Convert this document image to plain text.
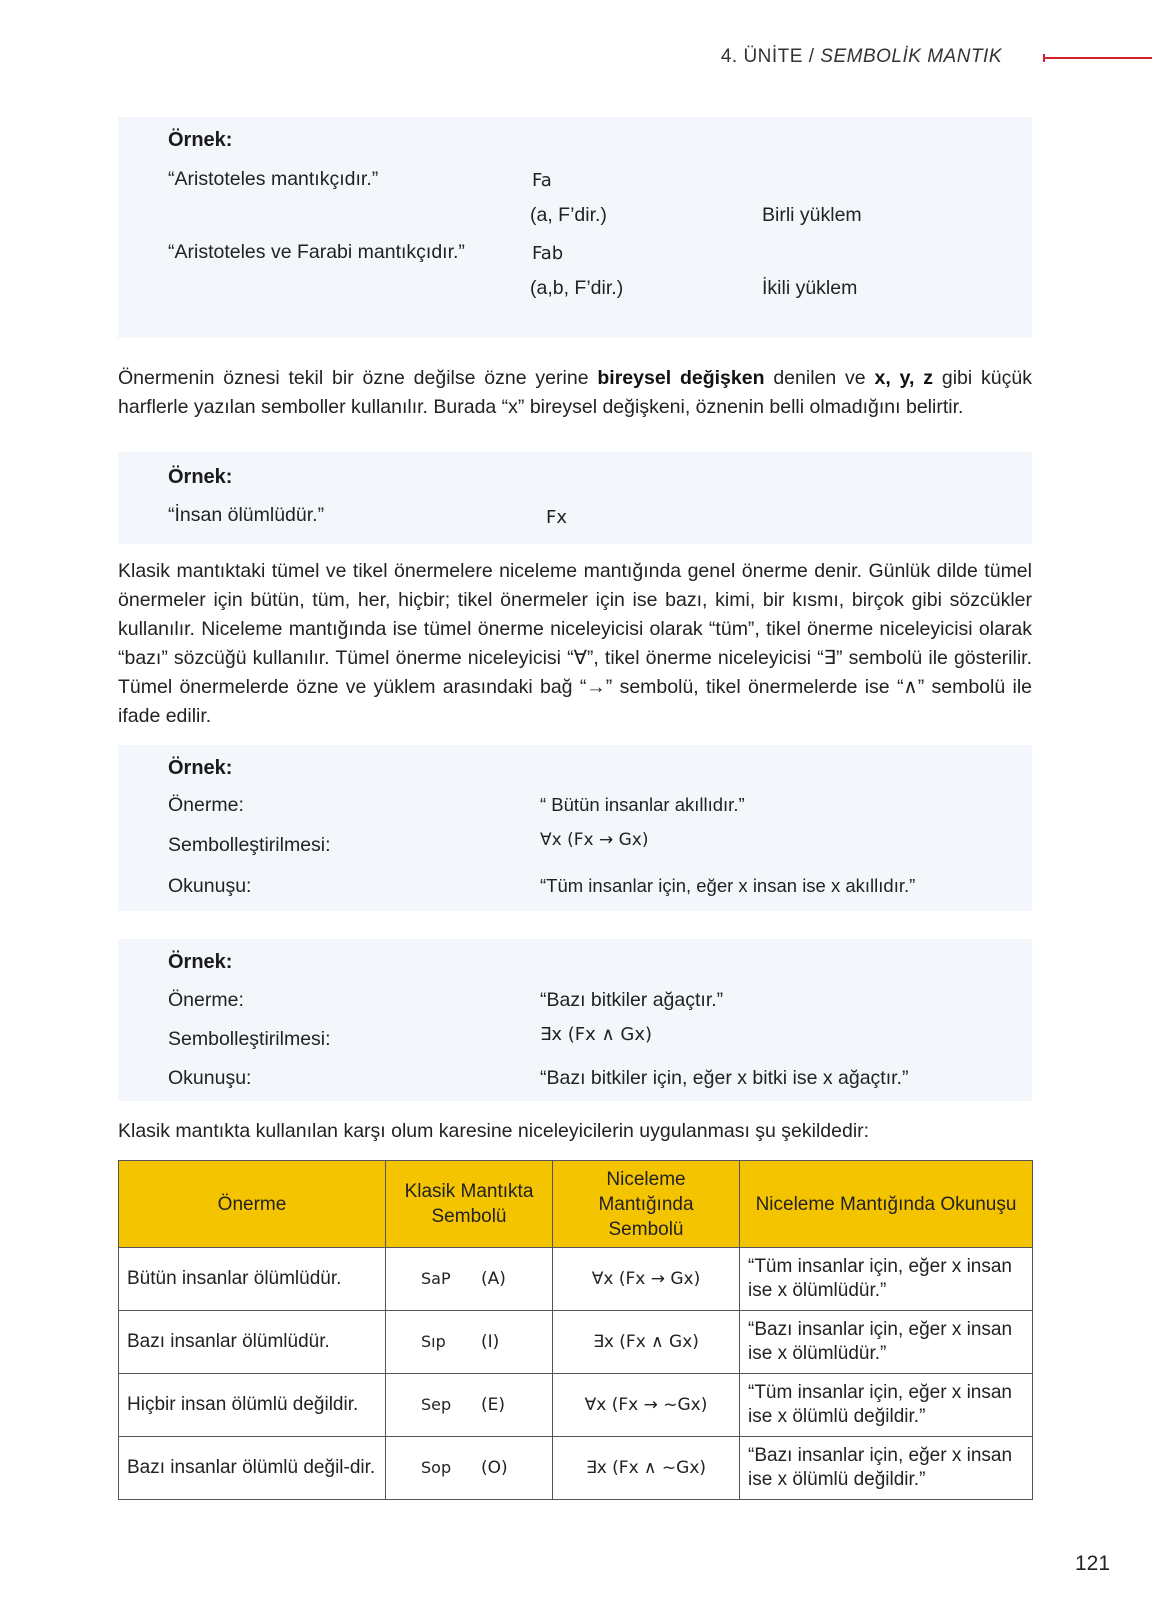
4. ÜNİTE / SEMBOLİK MANTIK
Örnek:
“Aristoteles mantıkçıdır.”	Fa
(a, F’dir.)	Birli yüklem
“Aristoteles ve Farabi mantıkçıdır.”	Fab
(a,b, F’dir.)	İkili yüklem
Önermenin öznesi tekil bir özne değilse özne yerine bireysel değişken denilen ve x, y, z gibi küçük harflerle yazılan semboller kullanılır. Burada “x” bireysel değişkeni, öznenin belli olmadığını belirtir.
Örnek:
“İnsan ölümlüdür.”	Fx
Klasik mantıktaki tümel ve tikel önermelere niceleme mantığında genel önerme denir. Günlük dilde tümel önermeler için bütün, tüm, her, hiçbir; tikel önermeler için ise bazı, kimi, bir kısmı, birçok gibi sözcükler kullanılır. Niceleme mantığında ise tümel önerme niceleyicisi olarak “tüm”, tikel önerme niceleyicisi olarak “bazı” sözcüğü kullanılır. Tümel önerme niceleyicisi “∀”, tikel önerme niceleyicisi “∃” sembolü ile gösterilir. Tümel önermelerde özne ve yüklem arasındaki bağ “→” sembolü, tikel önermelerde ise “∧” sembolü ile ifade edilir.
Örnek:
Önerme:	“ Bütün insanlar akıllıdır.”
Sembolleştirilmesi:	∀x (Fx → Gx)
Okunuşu:	“Tüm insanlar için, eğer x insan ise x akıllıdır.”
Örnek:
Önerme:	“Bazı bitkiler ağaçtır.”
Sembolleştirilmesi:	∃x (Fx ∧ Gx)
Okunuşu:	“Bazı bitkiler için, eğer x bitki ise x ağaçtır.”
Klasik mantıkta kullanılan karşı olum karesine niceleyicilerin uygulanması şu şekildedir:
Önerme	Klasik Mantıkta Sembolü	Niceleme Mantığında Sembolü	Niceleme Mantığında Okunuşu
Bütün insanlar ölümlüdür.	SaP (A)	∀x (Fx → Gx)	“Tüm insanlar için, eğer x insan ise x ölümlüdür.”
Bazı insanlar ölümlüdür.	Sıp (I)	∃x (Fx ∧ Gx)	“Bazı insanlar için, eğer x insan ise x ölümlüdür.”
Hiçbir insan ölümlü değildir.	Sep (E)	∀x (Fx → ~Gx)	“Tüm insanlar için, eğer x insan ise x ölümlü değildir.”
Bazı insanlar ölümlü değil-dir.	Sop (O)	∃x (Fx ∧ ~Gx)	“Bazı insanlar için, eğer x insan ise x ölümlü değildir.”
121
